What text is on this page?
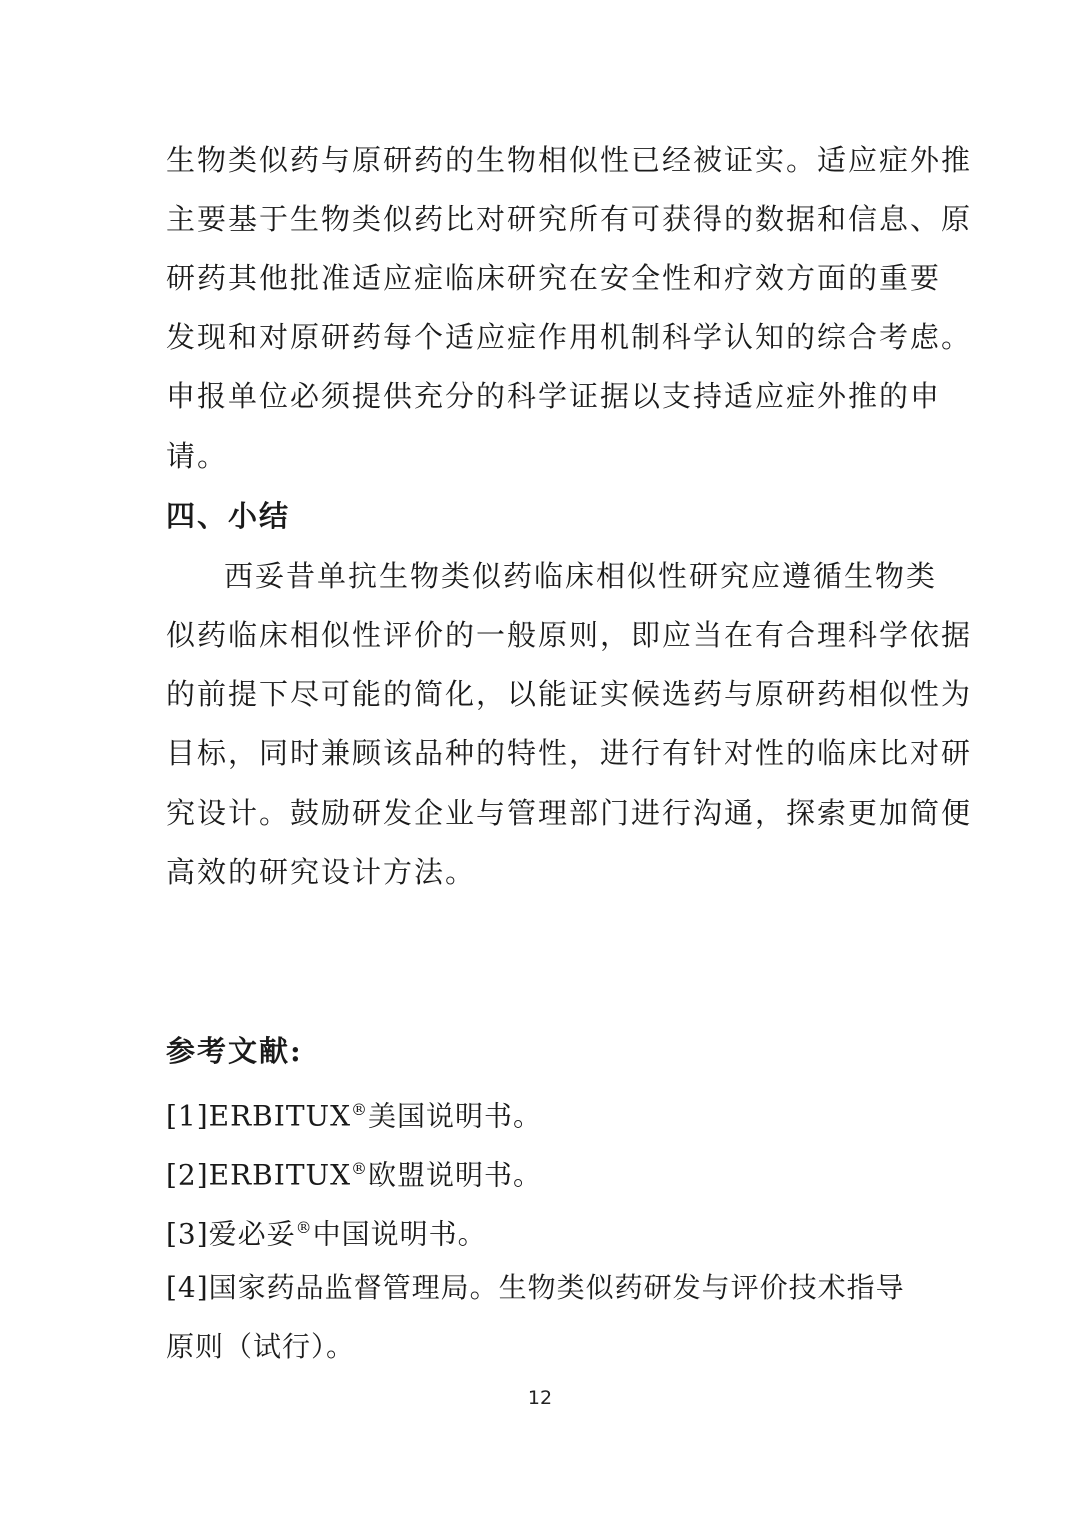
生物类似药与原研药的生物相似性已经被证实。适应症外推
主要基于生物类似药比对研究所有可获得的数据和信息、原
研药其他批准适应症临床研究在安全性和疗效方面的重要
发现和对原研药每个适应症作用机制科学认知的综合考虑。
申报单位必须提供充分的科学证据以支持适应症外推的申
请。
四、小结
西妥昔单抗生物类似药临床相似性研究应遵循生物类
似药临床相似性评价的一般原则，即应当在有合理科学依据
的前提下尽可能的简化，以能证实候选药与原研药相似性为
目标，同时兼顾该品种的特性，进行有针对性的临床比对研
究设计。鼓励研发企业与管理部门进行沟通，探索更加简便
高效的研究设计方法。
参考文献:
[1]ERBITUX®美国说明书。
[2]ERBITUX®欧盟说明书。
[3]爱必妥®中国说明书。
[4]国家药品监督管理局。生物类似药研发与评价技术指导
原则（试行）。
12
